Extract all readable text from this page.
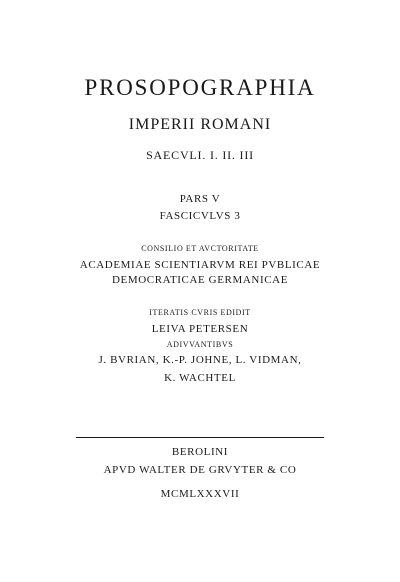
PROSOPOGRAPHIA
IMPERII ROMANI
SAECVLI. I. II. III
PARS V
FASCICVLVS 3
CONSILIO ET AVCTORITATE
ACADEMIAE SCIENTIARVM REI PVBLICAE
DEMOCRATICAE GERMANICAE
ITERATIS CVRIS EDIDIT
LEIVA PETERSEN
ADIVVANTIBVS
J. BVRIAN, K.-P. JOHNE, L. VIDMAN,
K. WACHTEL
BEROLINI
APVD WALTER DE GRVYTER & CO
MCMLXXXVII
